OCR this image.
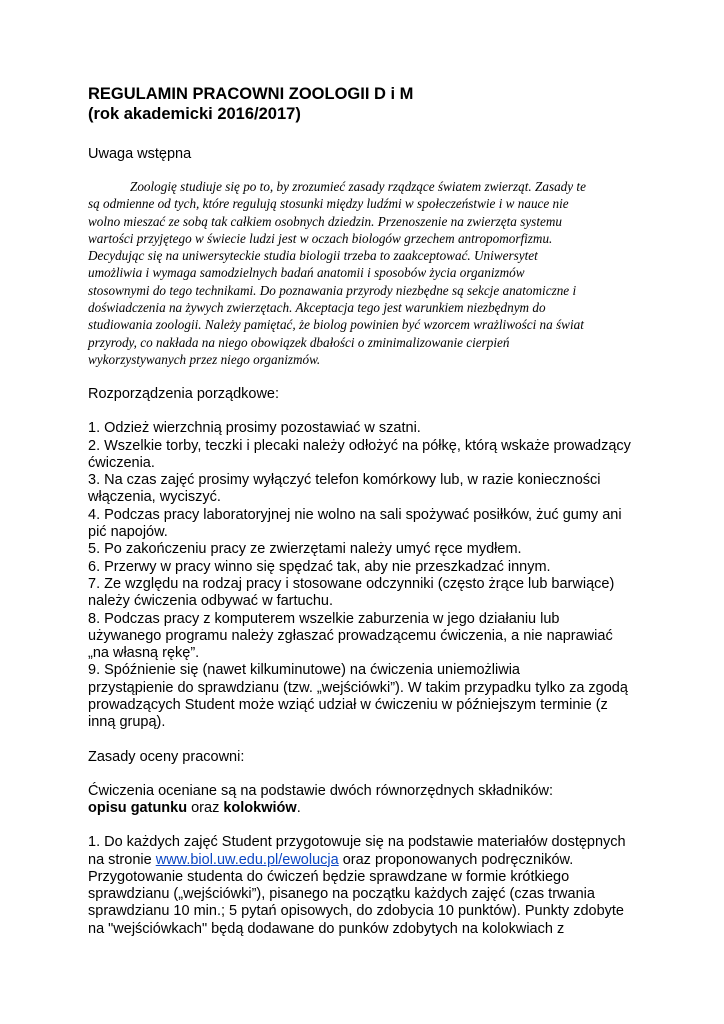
REGULAMIN PRACOWNI ZOOLOGII D i M
(rok akademicki 2016/2017)

Uwaga wstępna

Zoologię studiuje się po to, by zrozumieć zasady rządzące światem zwierząt. Zasady te
są odmienne od tych, które regulują stosunki między ludźmi w społeczeństwie i w nauce nie
wolno mieszać ze sobą tak całkiem osobnych dziedzin. Przenoszenie na zwierzęta systemu
wartości przyjętego w świecie ludzi jest w oczach biologów grzechem antropomorfizmu.
Decydując się na uniwersyteckie studia biologii trzeba to zaakceptować. Uniwersytet
umożliwia i wymaga samodzielnych badań anatomii i sposobów życia organizmów
stosownymi do tego technikami. Do poznawania przyrody niezbędne są sekcje anatomiczne i
doświadczenia na żywych zwierzętach. Akceptacja tego jest warunkiem niezbędnym do
studiowania zoologii. Należy pamiętać, że biolog powinien być wzorcem wrażliwości na świat
przyrody, co nakłada na niego obowiązek dbałości o zminimalizowanie cierpień
wykorzystywanych przez niego organizmów.

Rozporządzenia porządkowe:

1. Odzież wierzchnią prosimy pozostawiać w szatni.
2. Wszelkie torby, teczki i plecaki należy odłożyć na półkę, którą wskaże prowadzący
ćwiczenia.
3. Na czas zajęć prosimy wyłączyć telefon komórkowy lub, w razie konieczności
włączenia, wyciszyć.
4. Podczas pracy laboratoryjnej nie wolno na sali spożywać posiłków, żuć gumy ani
pić napojów.
5. Po zakończeniu pracy ze zwierzętami należy umyć ręce mydłem.
6. Przerwy w pracy winno się spędzać tak, aby nie przeszkadzać innym.
7. Ze względu na rodzaj pracy i stosowane odczynniki (często żrące lub barwiące)
należy ćwiczenia odbywać w fartuchu.
8. Podczas pracy z komputerem wszelkie zaburzenia w jego działaniu lub
używanego programu należy zgłaszać prowadzącemu ćwiczenia, a nie naprawiać
„na własną rękę”.
9. Spóźnienie się (nawet kilkuminutowe) na ćwiczenia uniemożliwia
przystąpienie do sprawdzianu (tzw. „wejściówki”). W takim przypadku tylko za zgodą
prowadzących Student może wziąć udział w ćwiczeniu w późniejszym terminie (z
inną grupą).

Zasady oceny pracowni:

Ćwiczenia oceniane są na podstawie dwóch równorzędnych składników:
opisu gatunku oraz kolokwiów.
1. Do każdych zajęć Student przygotowuje się na podstawie materiałów dostępnych
na stronie www.biol.uw.edu.pl/ewolucja oraz proponowanych podręczników.
Przygotowanie studenta do ćwiczeń będzie sprawdzane w formie krótkiego
sprawdzianu („wejściówki”), pisanego na początku każdych zajęć (czas trwania
sprawdzianu 10 min.; 5 pytań opisowych, do zdobycia 10 punktów). Punkty zdobyte
na "wejściówkach" będą dodawane do punków zdobytych na kolokwiach z
